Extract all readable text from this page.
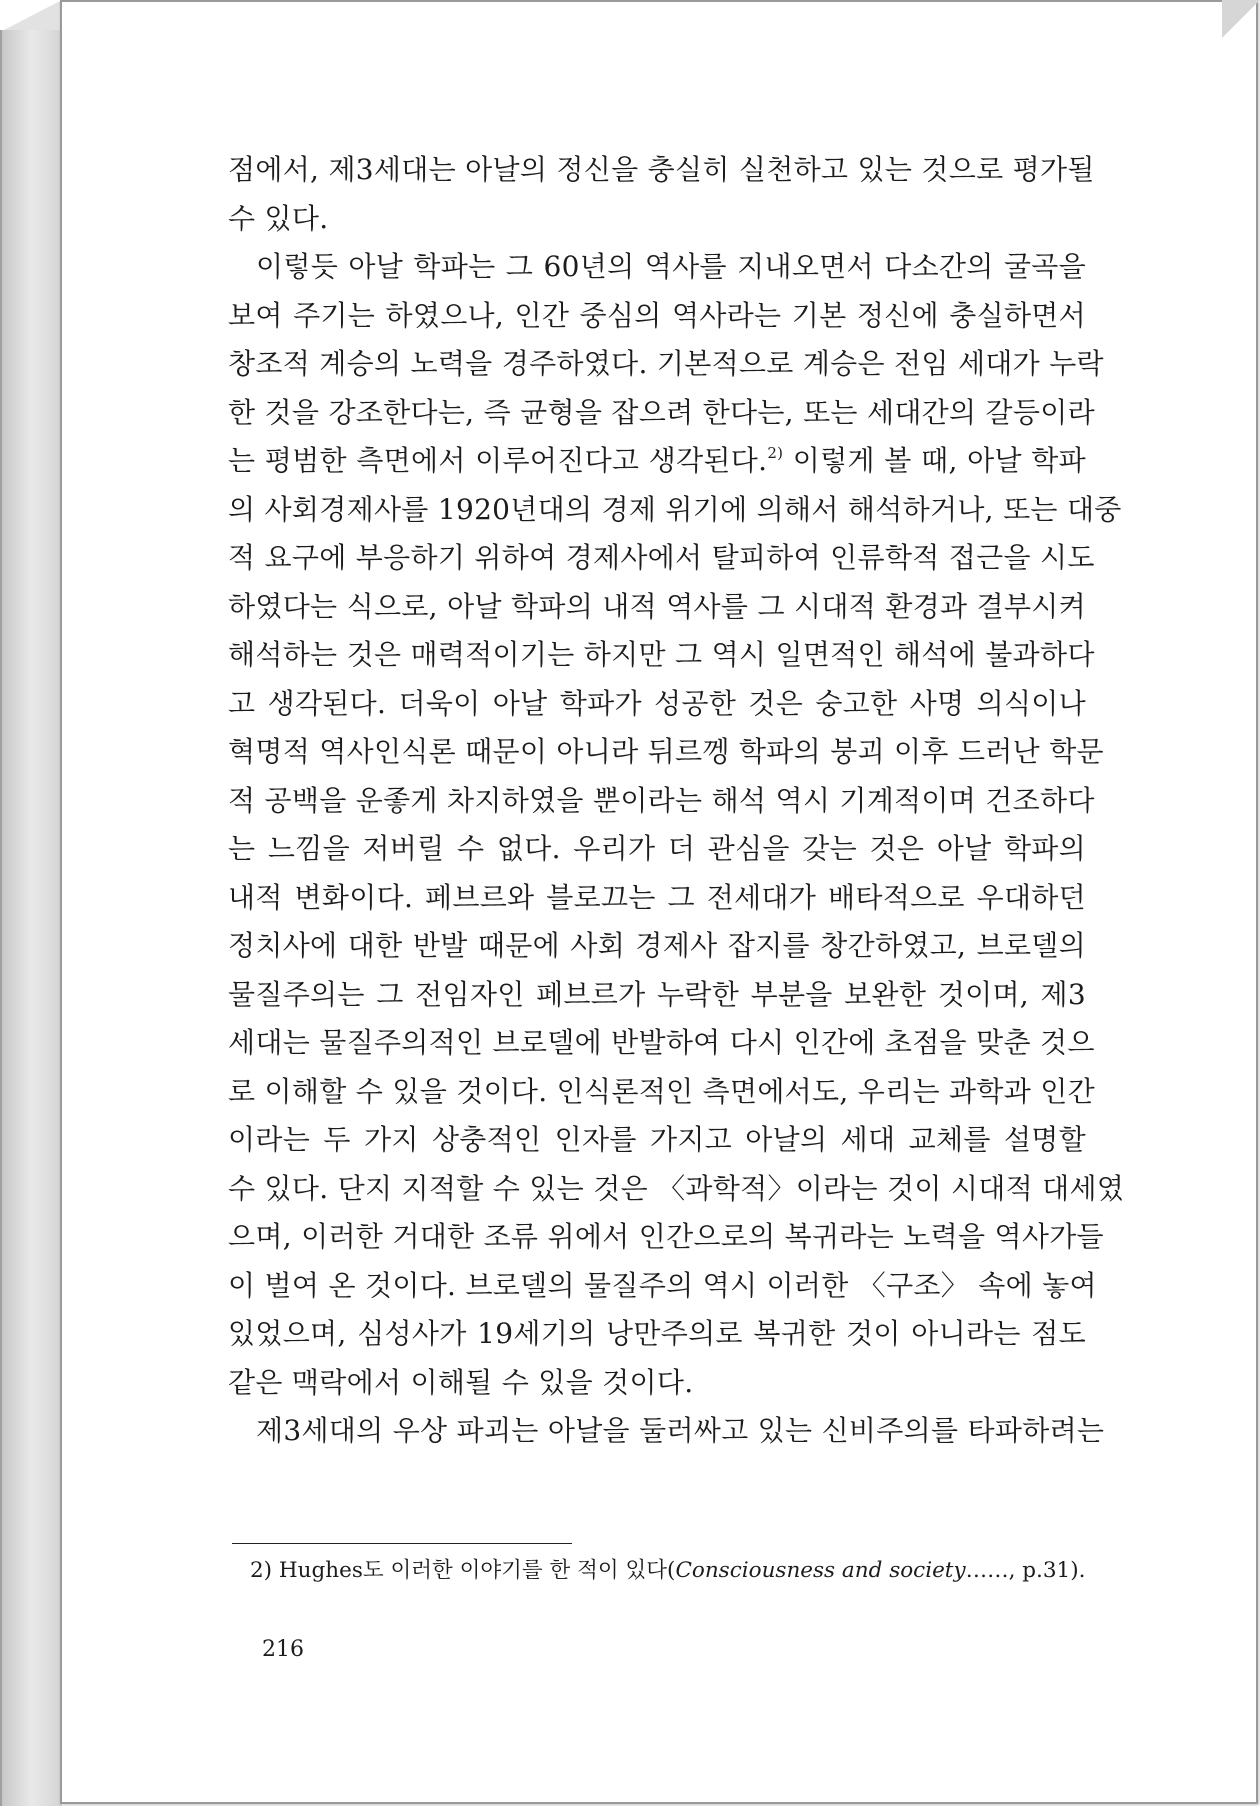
점에서, 제3세대는 아날의 정신을 충실히 실천하고 있는 것으로 평가될
수 있다.
이렇듯 아날 학파는 그 60년의 역사를 지내오면서 다소간의 굴곡을
보여 주기는 하였으나, 인간 중심의 역사라는 기본 정신에 충실하면서
창조적 계승의 노력을 경주하였다. 기본적으로 계승은 전임 세대가 누락
한 것을 강조한다는, 즉 균형을 잡으려 한다는, 또는 세대간의 갈등이라
는 평범한 측면에서 이루어진다고 생각된다.$^{2)}$ 이렇게 볼 때, 아날 학파
의 사회경제사를 1920년대의 경제 위기에 의해서 해석하거나, 또는 대중
적 요구에 부응하기 위하여 경제사에서 탈피하여 인류학적 접근을 시도
하였다는 식으로, 아날 학파의 내적 역사를 그 시대적 환경과 결부시켜
해석하는 것은 매력적이기는 하지만 그 역시 일면적인 해석에 불과하다
고 생각된다. 더욱이 아날 학파가 성공한 것은 숭고한 사명 의식이나
혁명적 역사인식론 때문이 아니라 뒤르껭 학파의 붕괴 이후 드러난 학문
적 공백을 운좋게 차지하였을 뿐이라는 해석 역시 기계적이며 건조하다
는 느낌을 저버릴 수 없다. 우리가 더 관심을 갖는 것은 아날 학파의
내적 변화이다. 페브르와 블로끄는 그 전세대가 배타적으로 우대하던
정치사에 대한 반발 때문에 사회 경제사 잡지를 창간하였고, 브로델의
물질주의는 그 전임자인 페브르가 누락한 부분을 보완한 것이며, 제3
세대는 물질주의적인 브로델에 반발하여 다시 인간에 초점을 맞춘 것으
로 이해할 수 있을 것이다. 인식론적인 측면에서도, 우리는 과학과 인간
이라는 두 가지 상충적인 인자를 가지고 아날의 세대 교체를 설명할
수 있다. 단지 지적할 수 있는 것은 〈과학적〉이라는 것이 시대적 대세였
으며, 이러한 거대한 조류 위에서 인간으로의 복귀라는 노력을 역사가들
이 벌여 온 것이다. 브로델의 물질주의 역시 이러한 〈구조〉 속에 놓여
있었으며, 심성사가 19세기의 낭만주의로 복귀한 것이 아니라는 점도
같은 맥락에서 이해될 수 있을 것이다.
제3세대의 우상 파괴는 아날을 둘러싸고 있는 신비주의를 타파하려는
2) Hughes도 이러한 이야기를 한 적이 있다(Consciousness and society……, p.31).
216
